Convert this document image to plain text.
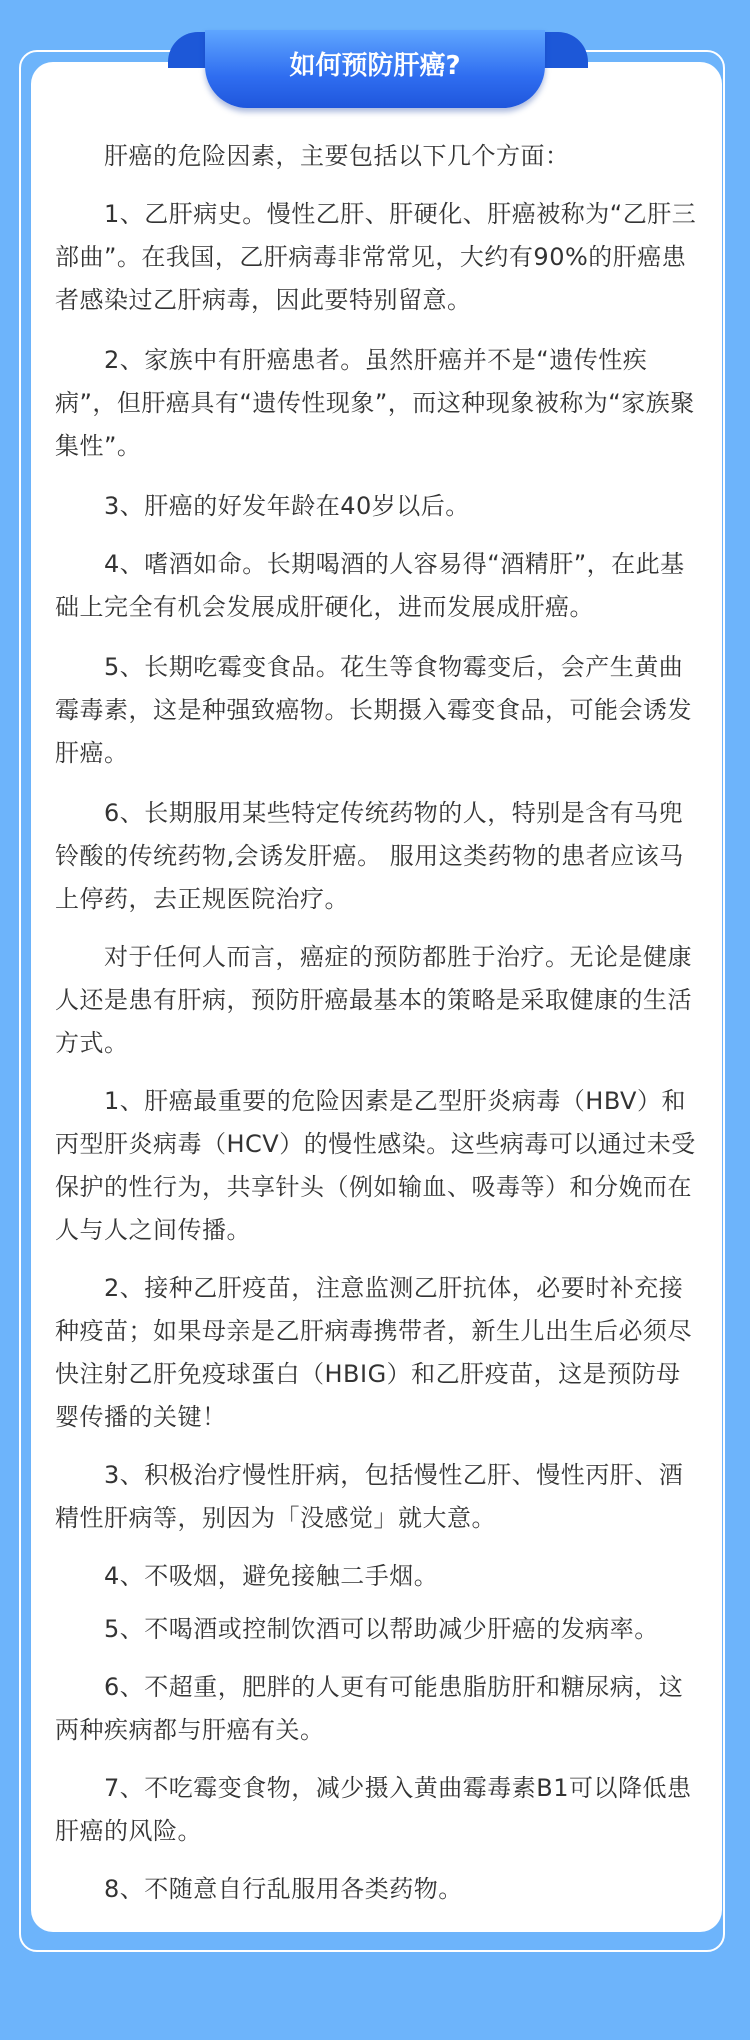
如何预防肝癌?

　　肝癌的危险因素，主要包括以下几个方面：

　　1、乙肝病史。慢性乙肝、肝硬化、肝癌被称为“乙肝三部曲”。在我国，乙肝病毒非常常见，大约有90%的肝癌患者感染过乙肝病毒，因此要特别留意。

　　2、家族中有肝癌患者。虽然肝癌并不是“遗传性疾病”，但肝癌具有“遗传性现象”，而这种现象被称为“家族聚集性”。

　　3、肝癌的好发年龄在40岁以后。

　　4、嗜酒如命。长期喝酒的人容易得“酒精肝”，在此基础上完全有机会发展成肝硬化，进而发展成肝癌。

　　5、长期吃霉变食品。花生等食物霉变后，会产生黄曲霉毒素，这是种强致癌物。长期摄入霉变食品，可能会诱发肝癌。

　　6、长期服用某些特定传统药物的人，特别是含有马兜铃酸的传统药物,会诱发肝癌。 服用这类药物的患者应该马上停药，去正规医院治疗。

　　对于任何人而言，癌症的预防都胜于治疗。无论是健康人还是患有肝病，预防肝癌最基本的策略是采取健康的生活方式。

　　1、肝癌最重要的危险因素是乙型肝炎病毒（HBV）和丙型肝炎病毒（HCV）的慢性感染。这些病毒可以通过未受保护的性行为，共享针头（例如输血、吸毒等）和分娩而在人与人之间传播。

　　2、接种乙肝疫苗，注意监测乙肝抗体，必要时补充接种疫苗；如果母亲是乙肝病毒携带者，新生儿出生后必须尽快注射乙肝免疫球蛋白（HBIG）和乙肝疫苗，这是预防母婴传播的关键！

　　3、积极治疗慢性肝病，包括慢性乙肝、慢性丙肝、酒精性肝病等，别因为「没感觉」就大意。

　　4、不吸烟，避免接触二手烟。

　　5、不喝酒或控制饮酒可以帮助减少肝癌的发病率。

　　6、不超重，肥胖的人更有可能患脂肪肝和糖尿病，这两种疾病都与肝癌有关。

　　7、不吃霉变食物，减少摄入黄曲霉毒素B1可以降低患肝癌的风险。

　　8、不随意自行乱服用各类药物。
